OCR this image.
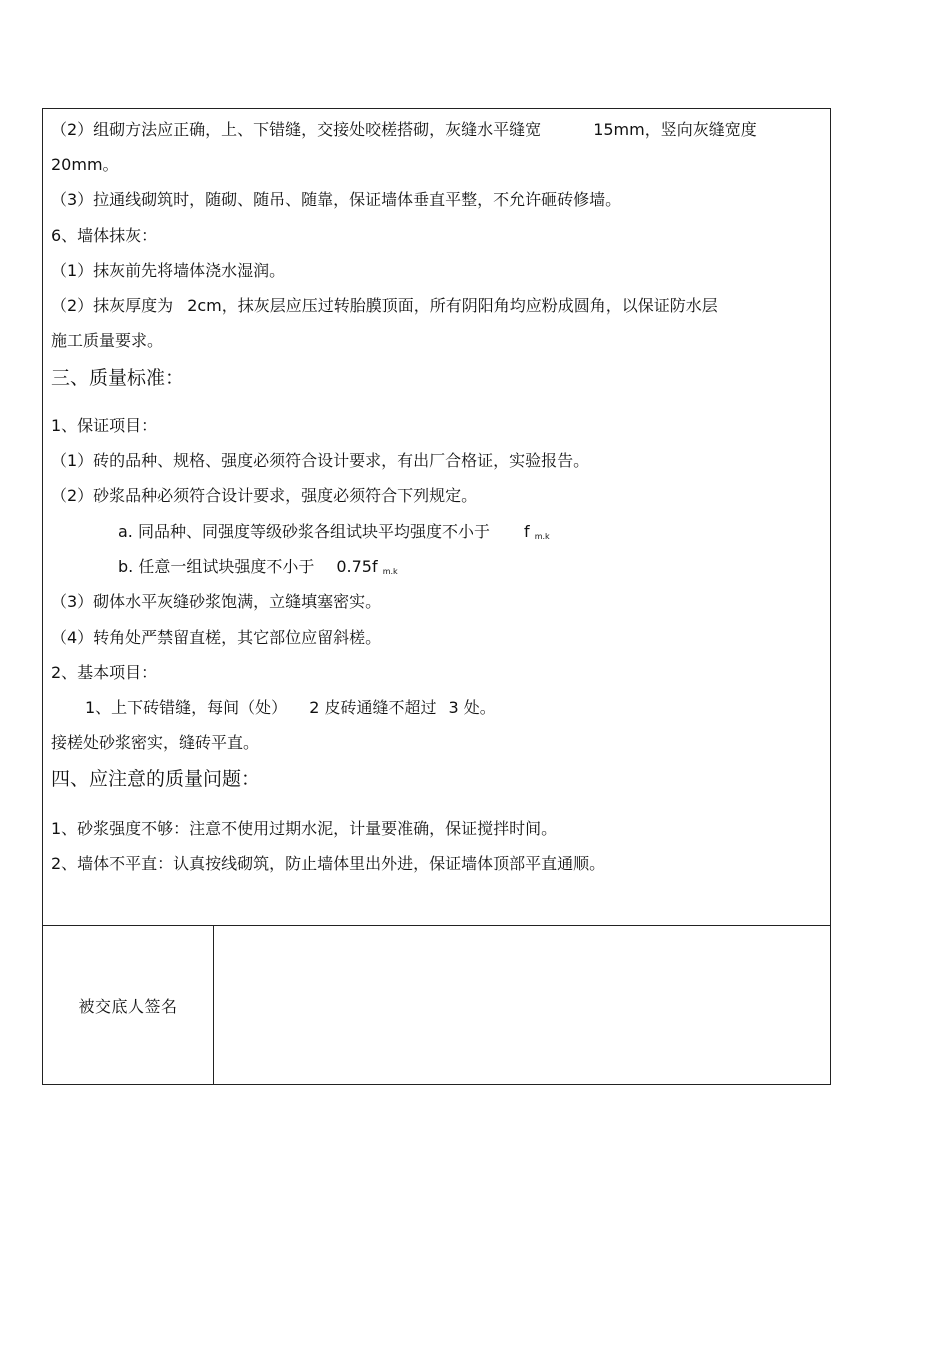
（2）组砌方法应正确，上、下错缝，交接处咬槎搭砌，灰缝水平缝宽	15mm，竖向灰缝宽度
20mm。
（3）拉通线砌筑时，随砌、随吊、随靠，保证墙体垂直平整，不允许砸砖修墙。
6、墙体抹灰：
（1）抹灰前先将墙体浇水湿润。
（2）抹灰厚度为 2cm，抹灰层应压过转胎膜顶面，所有阴阳角均应粉成圆角，以保证防水层
施工质量要求。
三、质量标准：
1、保证项目：
（1）砖的品种、规格、强度必须符合设计要求，有出厂合格证，实验报告。
（2）砂浆品种必须符合设计要求，强度必须符合下列规定。
a. 同品种、同强度等级砂浆各组试块平均强度不小于 f $_{m.k}$
b. 任意一组试块强度不小于 0.75f $_{m.k}$
（3）砌体水平灰缝砂浆饱满，立缝填塞密实。
（4）转角处严禁留直槎，其它部位应留斜槎。
2、基本项目：
1、上下砖错缝，每间（处） 2 皮砖通缝不超过 3 处。
接槎处砂浆密实，缝砖平直。
四、应注意的质量问题：
1、砂浆强度不够：注意不使用过期水泥，计量要准确，保证搅拌时间。
2、墙体不平直：认真按线砌筑，防止墙体里出外进，保证墙体顶部平直通顺。
被交底人签名
